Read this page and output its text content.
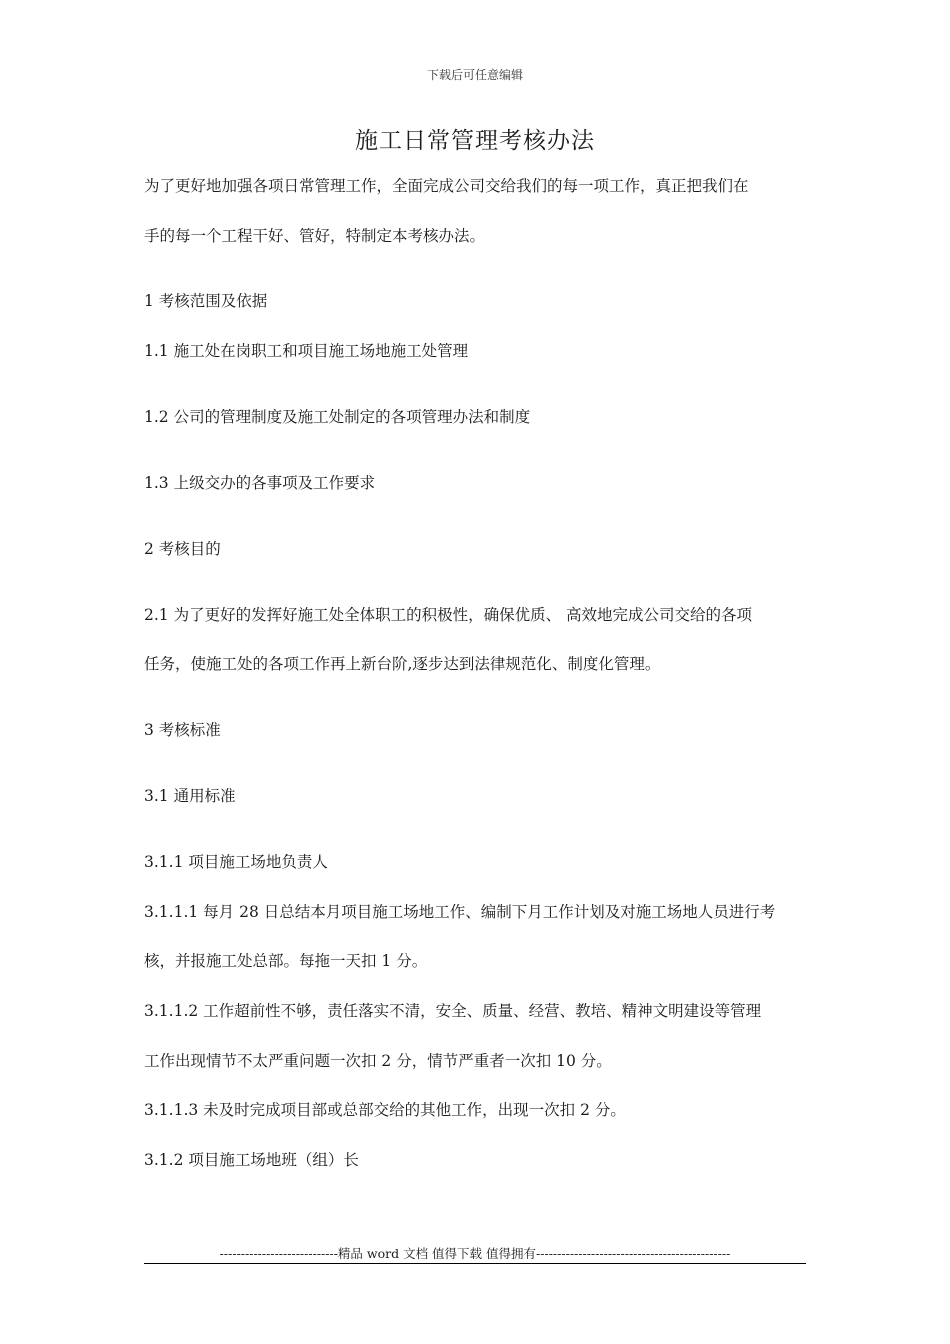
下载后可任意编辑
施工日常管理考核办法
为了更好地加强各项日常管理工作，全面完成公司交给我们的每一项工作，真正把我们在
手的每一个工程干好、管好，特制定本考核办法。
1 考核范围及依据
1.1 施工处在岗职工和项目施工场地施工处管理
1.2 公司的管理制度及施工处制定的各项管理办法和制度
1.3 上级交办的各事项及工作要求
2 考核目的
2.1 为了更好的发挥好施工处全体职工的积极性，确保优质、 高效地完成公司交给的各项
任务，使施工处的各项工作再上新台阶,逐步达到法律规范化、制度化管理。
3 考核标准
3.1 通用标准
3.1.1 项目施工场地负责人
3.1.1.1 每月 28 日总结本月项目施工场地工作、编制下月工作计划及对施工场地人员进行考
核，并报施工处总部。每拖一天扣 1 分。
3.1.1.2 工作超前性不够，责任落实不清，安全、质量、经营、教培、精神文明建设等管理
工作出现情节不太严重问题一次扣 2 分，情节严重者一次扣 10 分。
3.1.1.3 未及时完成项目部或总部交给的其他工作，出现一次扣 2 分。
3.1.2 项目施工场地班（组）长
----------------------------精品 word 文档 值得下载 值得拥有----------------------------------------------
